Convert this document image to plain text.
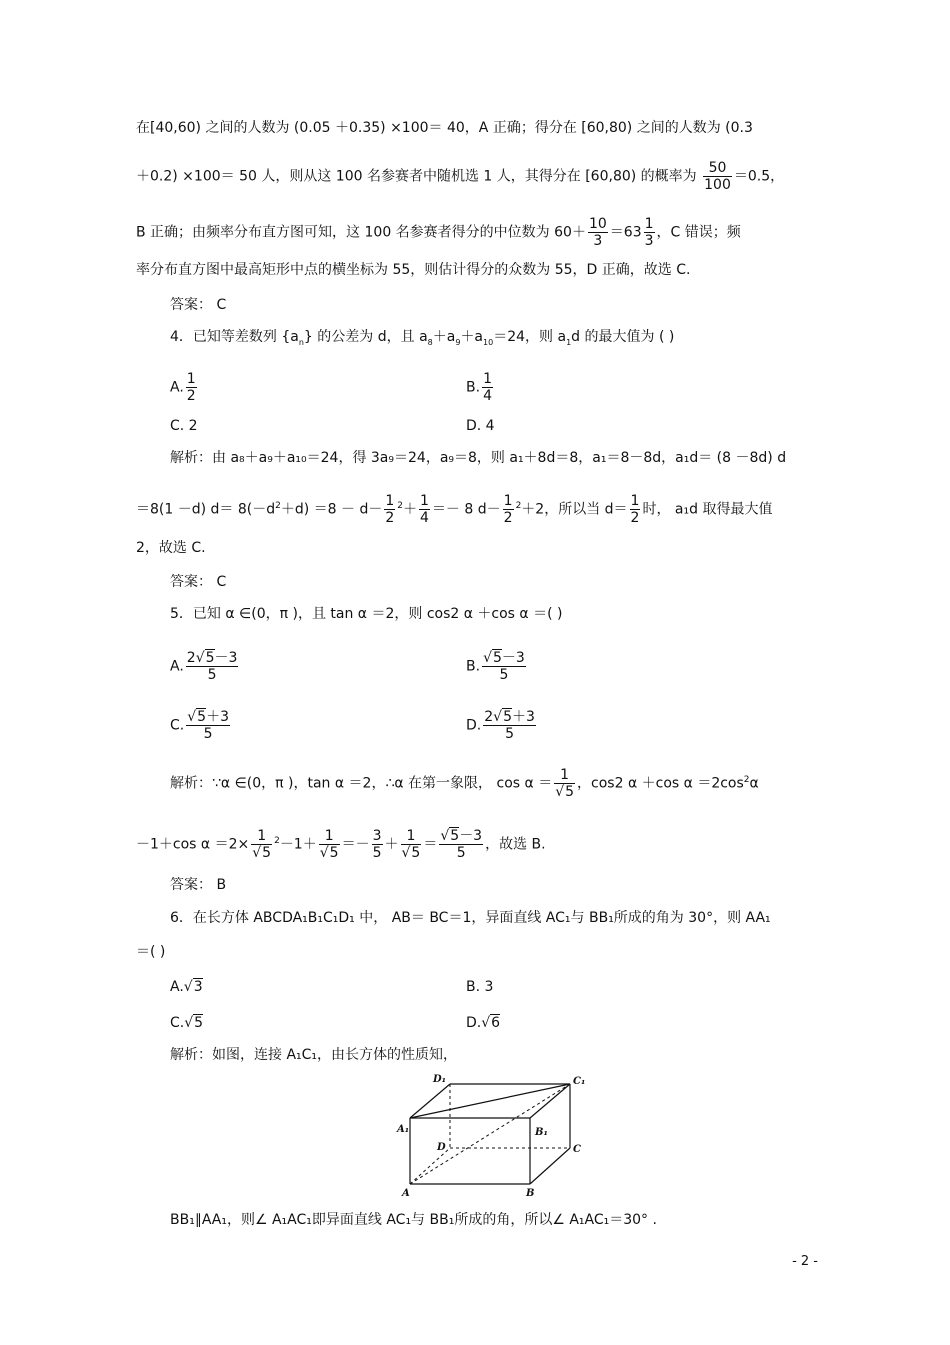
在[40,60) 之间的人数为 (0.05 ＋0.35) ×100＝ 40，A 正确；得分在 [60,80) 之间的人数为 (0.3
＋0.2) ×100＝ 50 人，则从这 100 名参赛者中随机选 1 人，其得分在 [60,80) 的概率为 $\frac{50}{100} =0.5$，
B 正确；由频率分布直方图可知，这 100 名参赛者得分的中位数为 $60+ \frac{10}{3} =63 \frac{1}{3}$ ，C 错误；频
率分布直方图中最高矩形中点的横坐标为 55，则估计得分的众数为 55，D 正确，故选 C.
答案： C
4．已知等差数列 $\{a_n\}$ 的公差为 d，且 $a_8+a_9+a_{10}=24$，则 $a_1d$ 的最大值为 ( )
A. $\frac{1}{2}$	B. $\frac{1}{4}$
C. 2	D. 4
解析：由 a₈＋a₉＋a₁₀＝24，得 3a₉＝24，a₉＝8，则 a₁＋8d＝8，a₁＝8－8d，a₁d＝ (8 －8d) d
＝8(1 －d) $d= 8(-d^2+d) =8 - d- \frac{1}{2} ^2+ \frac{1}{4} =- 8$ $d- \frac{1}{2} ^2+2$，所以当 $d= \frac{1}{2}$ 时， a₁d 取得最大值
2，故选 C.
答案： C
5．已知 α ∈(0，π )，且 tan α ＝2，则 cos2 α ＋cos α ＝( )
A. $\frac{2√5-3}{5}$	B. $\frac{√5-3}{5}$
C. $\frac{√5+3}{5}$	D. $\frac{2√5+3}{5}$
解析：∵α ∈(0，π )，tan α ＝2，∴α 在第一象限， $\cos \alpha = \frac{1}{√5}$ ，cos2 α ＋cos $\alpha =2\cos^2\alpha$
－1＋cos $\alpha =2\times \frac{1}{√5} ^2-1+ \frac{1}{√5} =- \frac{3}{5} + \frac{1}{√5} = \frac{√5-3}{5}$ ，故选 B.
答案： B
6．在长方体 ABCDA₁B₁C₁D₁ 中， AB＝ BC＝1，异面直线 AC₁与 BB₁所成的角为 30°，则 AA₁
＝( )
A.√3	B. 3
C.√5	D.√6
解析：如图，连接 A₁C₁，由长方体的性质知，
D₁	C₁
A₁	B₁
D	C
A	B
BB₁∥AA₁，则∠ A₁AC₁即异面直线 AC₁与 BB₁所成的角，所以∠ A₁AC₁＝30° .
- 2 -
